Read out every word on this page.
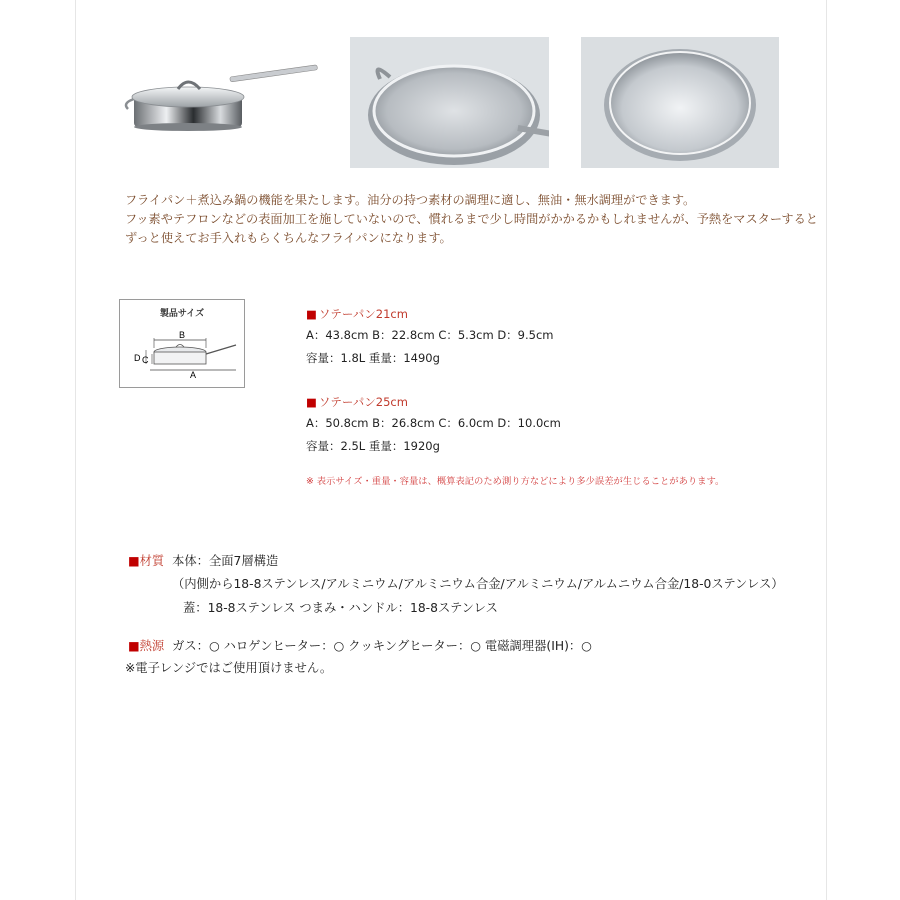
フライパン＋煮込み鍋の機能を果たします。油分の持つ素材の調理に適し、無油・無水調理ができます。

フッ素やテフロンなどの表面加工を施していないので、慣れるまで少し時間がかかるかもしれませんが、予熱をマスターすると

ずっと使えてお手入れもらくちんなフライパンになります。

製品サイズ
B
D C
A
■ ソテーパン21cm
A：43.8cm B：22.8cm C：5.3cm D：9.5cm
容量：1.8L 重量：1490g
■ ソテーパン25cm
A：50.8cm B：26.8cm C：6.0cm D：10.0cm
容量：2.5L 重量：1920g
※ 表示サイズ・重量・容量は、概算表記のため測り方などにより多少誤差が生じることがあります。
■材質 本体：全面7層構造
（内側から18-8ステンレス/アルミニウム/アルミニウム合金/アルミニウム/アルムニウム合金/18-0ステンレス）
蓋：18-8ステンレス つまみ・ハンドル：18-8ステンレス
■熱源 ガス：○ ハロゲンヒーター：○ クッキングヒーター：○ 電磁調理器(IH)：○
※電子レンジではご使用頂けません。
